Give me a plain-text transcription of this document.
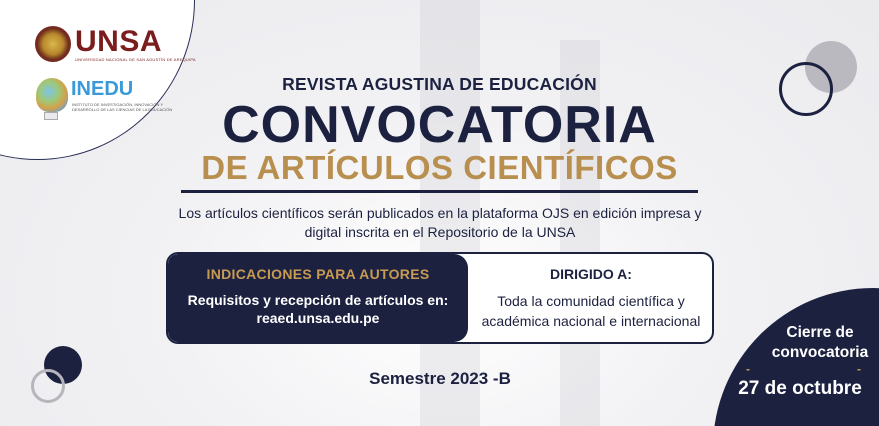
UNSA
UNIVERSIDAD NACIONAL DE SAN AGUSTÍN DE AREQUIPA
INEDU
INSTITUTO DE INVESTIGACIÓN, INNOVACIÓN Y DESARROLLO DE LAS CIENCIAS DE LA EDUCACIÓN
REVISTA AGUSTINA DE EDUCACIÓN
CONVOCATORIA
DE ARTÍCULOS CIENTÍFICOS
Los artículos científicos serán publicados en la plataforma OJS en edición impresa y digital inscrita en el Repositorio de la UNSA
INDICACIONES PARA AUTORES
Requisitos y recepción de artículos en:
reaed.unsa.edu.pe
DIRIGIDO A:
Toda la comunidad científica y
académica nacional e internacional
Semestre 2023 -B
Cierre de
convocatoria
-	-
27 de octubre
